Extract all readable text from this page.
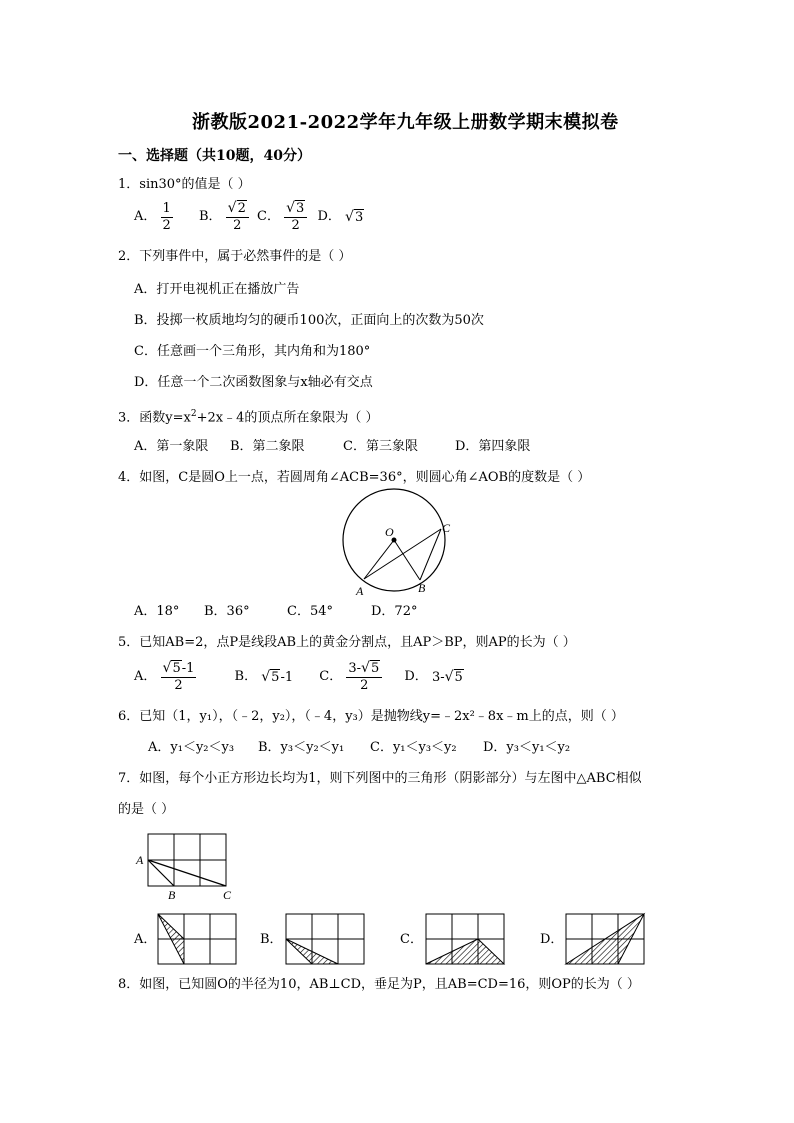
浙教版2021-2022学年九年级上册数学期末模拟卷
一、选择题（共10题，40分）
1．sin30°的值是（ ）
A． $\frac{1}{2}$ B． $\frac{√2}{2}$ C． $\frac{√3}{2}$ D． √3
2．下列事件中，属于必然事件的是（ ）
A．打开电视机正在播放广告
B．投掷一枚质地均匀的硬币100次，正面向上的次数为50次
C．任意画一个三角形，其内角和为180°
D．任意一个二次函数图象与x轴必有交点
3．函数$y=x^2+2x﹣4$的顶点所在象限为（ ）
A．第一象限 B．第二象限	C．第三象限	D．第四象限
4．如图，C是圆O上一点，若圆周角∠ACB=36°，则圆心角∠AOB的度数是（ ）
O
A	B
C
A．18° B．36°	C．54°	D．72°
5．已知AB=2，点P是线段AB上的黄金分割点，且AP＞BP，则AP的长为（ ）
A． $\frac{√5-1}{2}$	B． √5-1 C． $\frac{3-√5}{2}$ D． 3-√5
6．已知（1，y₁），（﹣2，y₂），（﹣4，y₃）是抛物线y=﹣2x²﹣8x﹣m上的点，则（ ）
A．y₁＜y₂＜y₃ B．y₃＜y₂＜y₁ C．y₁＜y₃＜y₂ D．y₃＜y₁＜y₂
7．如图，每个小正方形边长均为1，则下列图中的三角形（阴影部分）与左图中△ABC相似
的是（ ）
A
B	C
A．	B．	C．	D．
8．如图，已知圆O的半径为10，AB⊥CD，垂足为P，且AB=CD=16，则OP的长为（ ）
